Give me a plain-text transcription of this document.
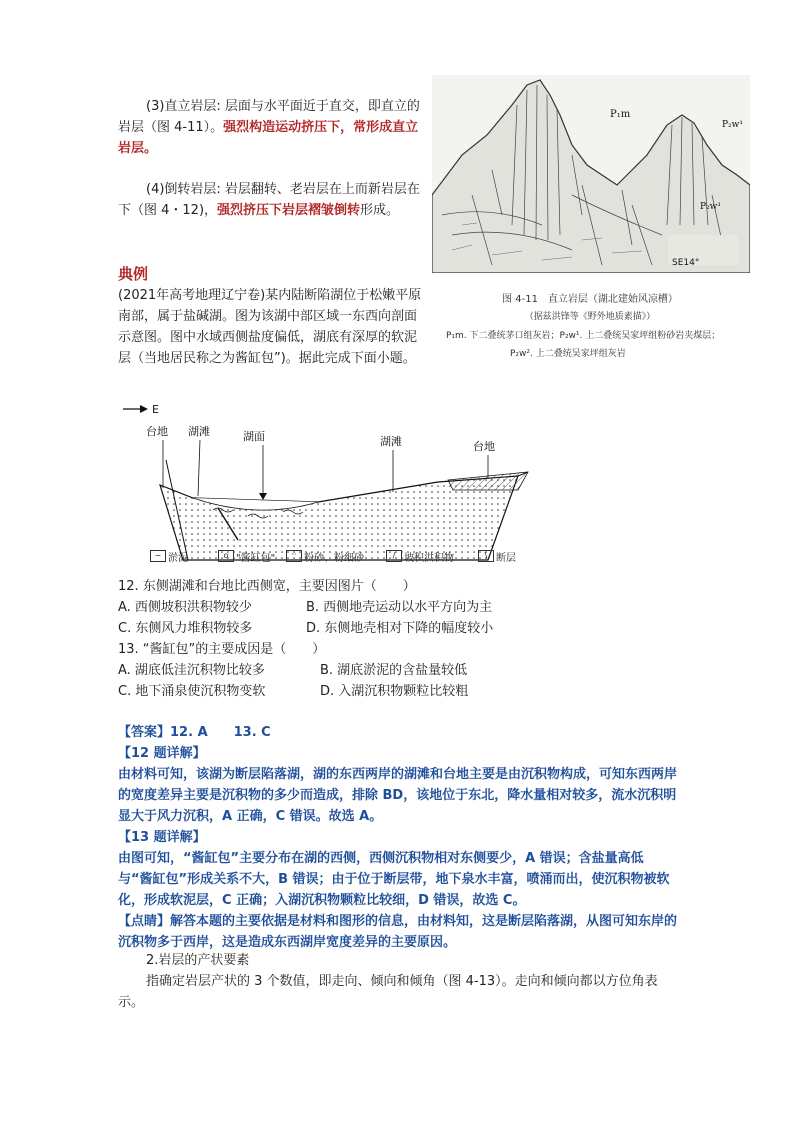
(3)直立岩层: 层面与水平面近于直交，即直立的岩层（图 4-11）。强烈构造运动挤压下，常形成直立岩层。
(4)倒转岩层: 岩层翻转、老岩层在上而新岩层在下（图 4・12)，强烈挤压下岩层褶皱倒转形成。
P₁m
P₂w¹
P₂w¹
SE14°
图 4-11　直立岩层（湖北建始风凉槽）
（据兹洪锋等《野外地质素描》）
P₁m. 下二叠统茅口组灰岩；P₂w¹. 上二叠统吴家坪组粉砂岩夹煤层；
P₂w². 上二叠统吴家坪组灰岩
典例
(2021年高考地理辽宁卷)某内陆断陷湖位于松嫩平原南部，属于盐碱湖。图为该湖中部区域一东西向剖面示意图。图中水域西侧盐度偏低，湖底有深厚的软泥层（当地居民称之为酱缸包”)。据此完成下面小题。
E
台地 湖滩	湖面	湖滩	台地
~ 淤泥	o "酱缸包"	·· 粉砂、粉细砂	/ 坡积洪积物	\ 断层
12. 东侧湖滩和台地比西侧宽，主要因图片（　　）
A. 西侧坡积洪积物较少	B. 西侧地壳运动以水平方向为主
C. 东侧风力堆积物较多	D. 东侧地壳相对下降的幅度较小
13. “酱缸包”的主要成因是（　　）
A. 湖底低洼沉积物比较多	B. 湖底淤泥的含盐量较低
C. 地下涌泉使沉积物变软	D. 入湖沉积物颗粒比较粗
【答案】12. A　　13. C
【12 题详解】
由材料可知，该湖为断层陷落湖，湖的东西两岸的湖滩和台地主要是由沉积物构成，可知东西两岸的宽度差异主要是沉积物的多少而造成，排除 BD，该地位于东北，降水量相对较多，流水沉积明显大于风力沉积，A 正确，C 错误。故选 A。
【13 题详解】
由图可知，“酱缸包”主要分布在湖的西侧，西侧沉积物相对东侧要少，A 错误；含盐量高低与“酱缸包”形成关系不大，B 错误；由于位于断层带，地下泉水丰富，喷涌而出，使沉积物被软化，形成软泥层，C 正确；入湖沉积物颗粒比较细，D 错误，故选 C。
【点睛】解答本题的主要依据是材料和图形的信息，由材料知，这是断层陷落湖，从图可知东岸的沉积物多于西岸，这是造成东西湖岸宽度差异的主要原因。
2.岩层的产状要素
指确定岩层产状的 3 个数值，即走向、倾向和倾角（图 4-13）。走向和倾向都以方位角表示。
